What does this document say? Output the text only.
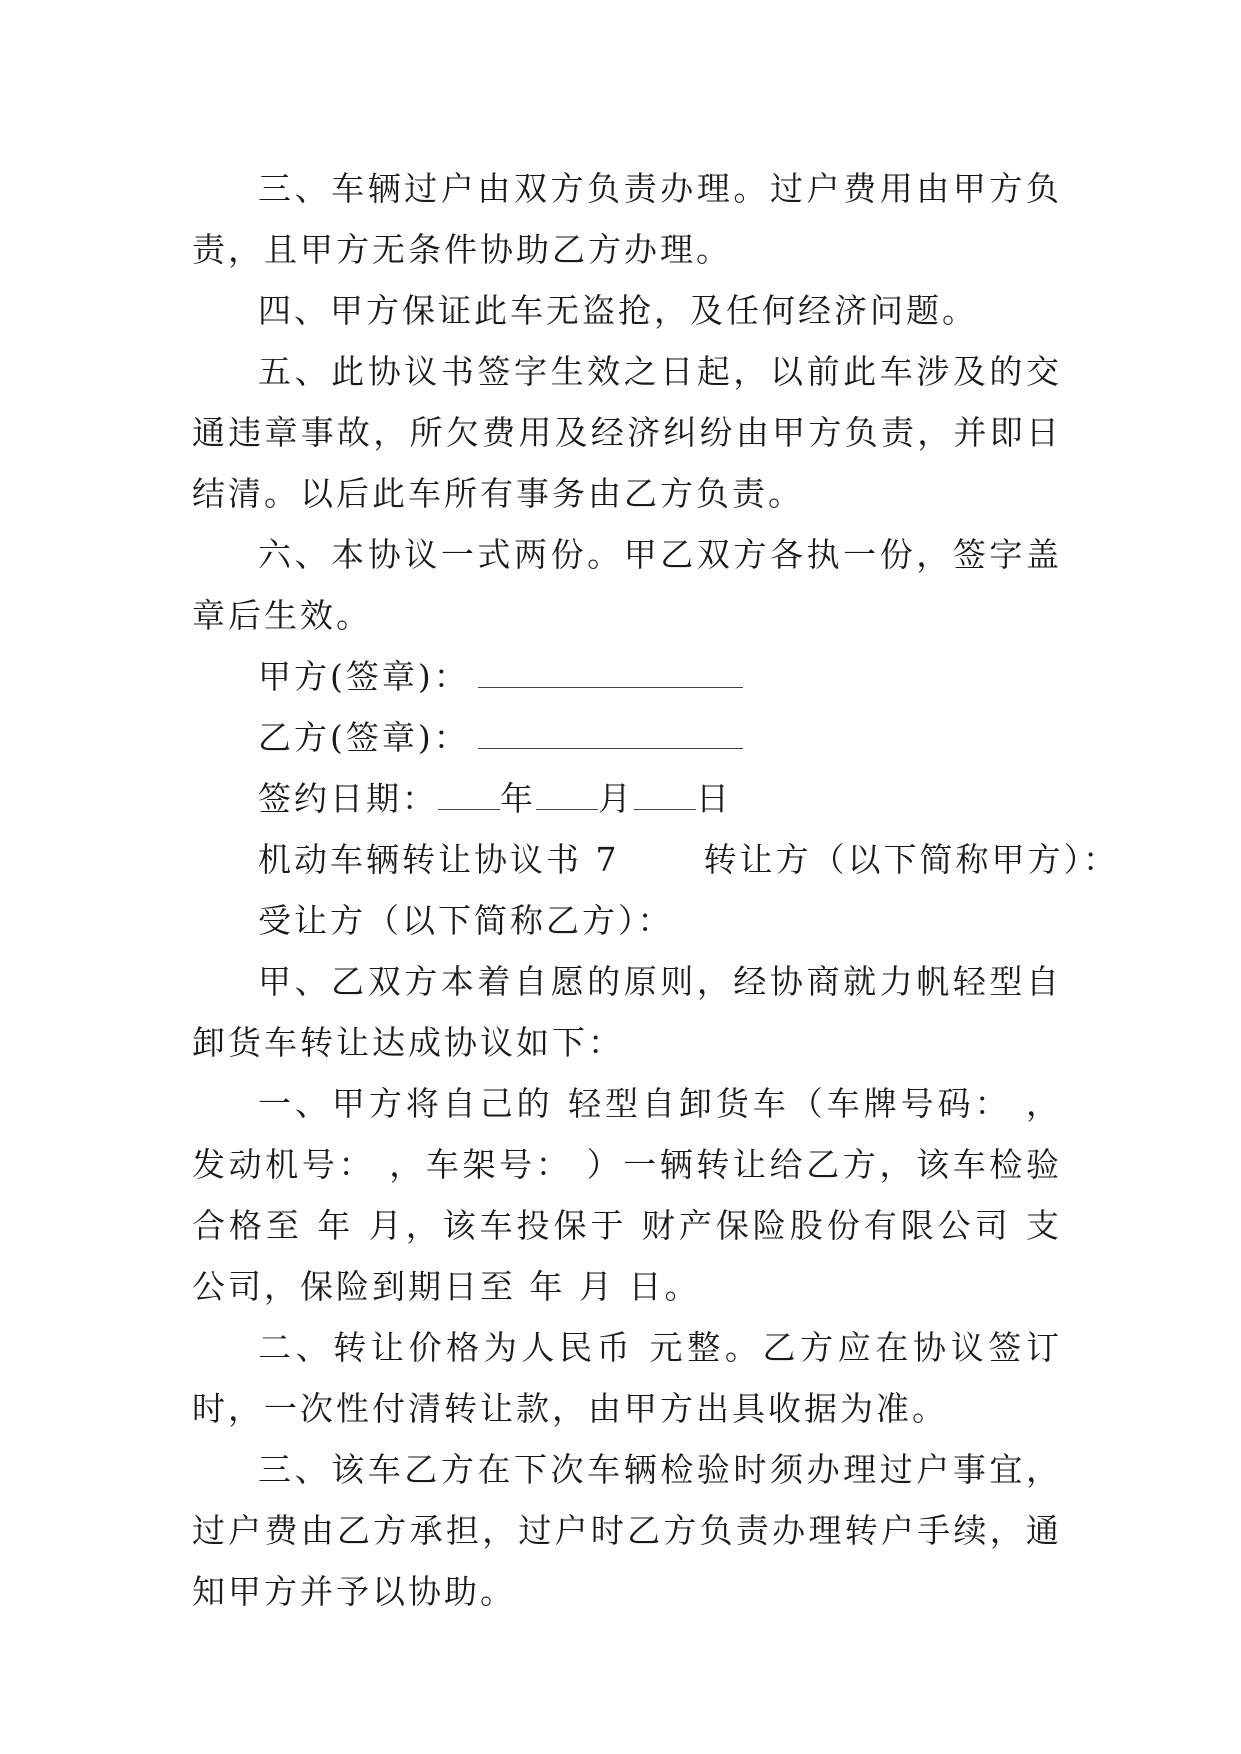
三、车辆过户由双方负责办理。过户费用由甲方负责，且甲方无条件协助乙方办理。

四、甲方保证此车无盗抢，及任何经济问题。

五、此协议书签字生效之日起，以前此车涉及的交通违章事故，所欠费用及经济纠纷由甲方负责，并即日结清。以后此车所有事务由乙方负责。

六、本协议一式两份。甲乙双方各执一份，签字盖章后生效。

甲方(签章)：

乙方(签章)：

签约日期： 年 月 日

机动车辆转让协议书 7	转让方（以下简称甲方）：

受让方（以下简称乙方）：

甲、乙双方本着自愿的原则，经协商就力帆轻型自卸货车转让达成协议如下：

一、甲方将自己的 轻型自卸货车（车牌号码： ，发动机号： ，车架号： ）一辆转让给乙方，该车检验合格至 年 月，该车投保于 财产保险股份有限公司 支公司，保险到期日至 年 月 日。

二、转让价格为人民币 元整。乙方应在协议签订时，一次性付清转让款，由甲方出具收据为准。

三、该车乙方在下次车辆检验时须办理过户事宜，过户费由乙方承担，过户时乙方负责办理转户手续，通知甲方并予以协助。
